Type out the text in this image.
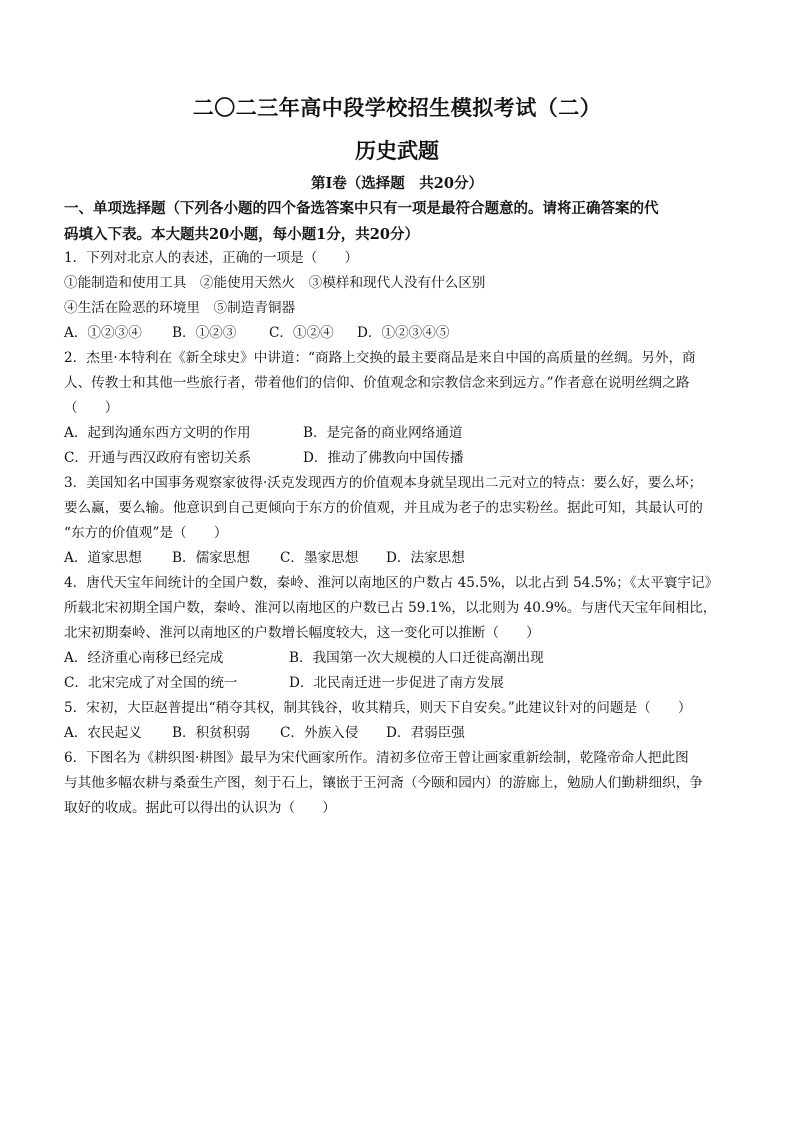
二〇二三年高中段学校招生模拟考试（二）
历史武题
第Ⅰ卷（选择题　共20分）
一、单项选择题（下列各小题的四个备选答案中只有一项是最符合题意的。请将正确答案的代
码填入下表。本大题共20小题，每小题1分，共20分）
1．下列对北京人的表述，正确的一项是（　　）
①能制造和使用工具　②能使用天然火　③模样和现代人没有什么区别
④生活在险恶的环境里　⑤制造青铜器
A．①②③④ B．①②③ C．①②④ D．①②③④⑤
2．杰里·本特利在《新全球史》中讲道：“商路上交换的最主要商品是来自中国的高质量的丝绸。另外，商
人、传教士和其他一些旅行者，带着他们的信仰、价值观念和宗教信念来到远方。”作者意在说明丝绸之路
（　　）
A．起到沟通东西方文明的作用	B．是完备的商业网络通道
C．开通与西汉政府有密切关系	D．推动了佛教向中国传播
3．美国知名中国事务观察家彼得·沃克发现西方的价值观本身就呈现出二元对立的特点：要么好，要么坏；
要么赢，要么输。他意识到自己更倾向于东方的价值观，并且成为老子的忠实粉丝。据此可知，其最认可的
“东方的价值观”是（　　）
A．道家思想 B．儒家思想 C．墨家思想 D．法家思想
4．唐代天宝年间统计的全国户数，秦岭、淮河以南地区的户数占 45.5%，以北占到 54.5%；《太平寰宇记》
所载北宋初期全国户数，秦岭、淮河以南地区的户数已占 59.1%，以北则为 40.9%。与唐代天宝年间相比，
北宋初期秦岭、淮河以南地区的户数增长幅度较大，这一变化可以推断（　　）
A．经济重心南移已经完成	B．我国第一次大规模的人口迁徙高潮出现
C．北宋完成了对全国的统一	D．北民南迁进一步促进了南方发展
5．宋初，大臣赵普提出“稍夺其权，制其钱谷，收其精兵，则天下自安矣。”此建议针对的问题是（　　）
A．农民起义 B．积贫积弱 C．外族入侵 D．君弱臣强
6．下图名为《耕织图·耕图》最早为宋代画家所作。清初多位帝王曾让画家重新绘制，乾隆帝命人把此图
与其他多幅农耕与桑蚕生产图，刻于石上，镶嵌于王河斋（今颐和园内）的游廊上，勉励人们勤耕细织，争
取好的收成。据此可以得出的认识为（　　）
